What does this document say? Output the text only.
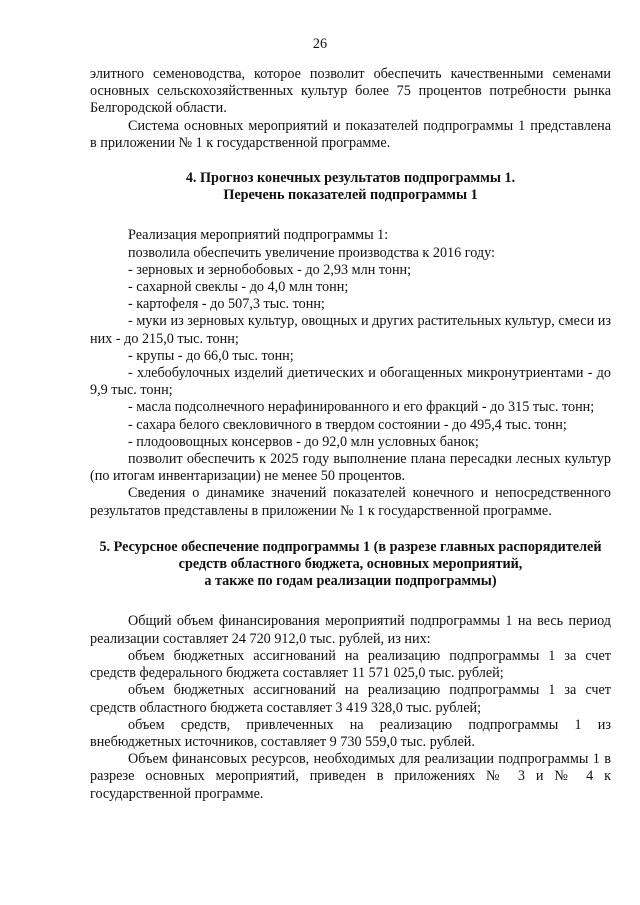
26

элитного семеноводства, которое позволит обеспечить качественными семенами основных сельскохозяйственных культур более 75 процентов потребности рынка Белгородской области.

Система основных мероприятий и показателей подпрограммы 1 представлена в приложении № 1 к государственной программе.

4. Прогноз конечных результатов подпрограммы 1.
Перечень показателей подпрограммы 1

Реализация мероприятий подпрограммы 1:

позволила обеспечить увеличение производства к 2016 году:

- зерновых и зернобобовых - до 2,93 млн тонн;

- сахарной свеклы - до 4,0 млн тонн;

- картофеля - до 507,3 тыс. тонн;

- муки из зерновых культур, овощных и других растительных культур, смеси из них - до 215,0 тыс. тонн;

- крупы - до 66,0 тыс. тонн;

- хлебобулочных изделий диетических и обогащенных микронутриентами - до 9,9 тыс. тонн;

- масла подсолнечного нерафинированного и его фракций - до 315 тыс. тонн;

- сахара белого свекловичного в твердом состоянии - до 495,4 тыс. тонн;

- плодоовощных консервов - до 92,0 млн условных банок;

позволит обеспечить к 2025 году выполнение плана пересадки лесных культур (по итогам инвентаризации) не менее 50 процентов.

Сведения о динамике значений показателей конечного и непосредственного результатов представлены в приложении № 1 к государственной программе.

5. Ресурсное обеспечение подпрограммы 1 (в разрезе главных распорядителей
средств областного бюджета, основных мероприятий,
а также по годам реализации подпрограммы)

Общий объем финансирования мероприятий подпрограммы 1 на весь период реализации составляет 24 720 912,0 тыс. рублей, из них:

объем бюджетных ассигнований на реализацию подпрограммы 1 за счет средств федерального бюджета составляет 11 571 025,0 тыс. рублей;

объем бюджетных ассигнований на реализацию подпрограммы 1 за счет средств областного бюджета составляет 3 419 328,0 тыс. рублей;

объем средств, привлеченных на реализацию подпрограммы 1 из внебюджетных источников, составляет 9 730 559,0 тыс. рублей.

Объем финансовых ресурсов, необходимых для реализации подпрограммы 1 в разрезе основных мероприятий, приведен в приложениях № 3 и № 4 к государственной программе.
